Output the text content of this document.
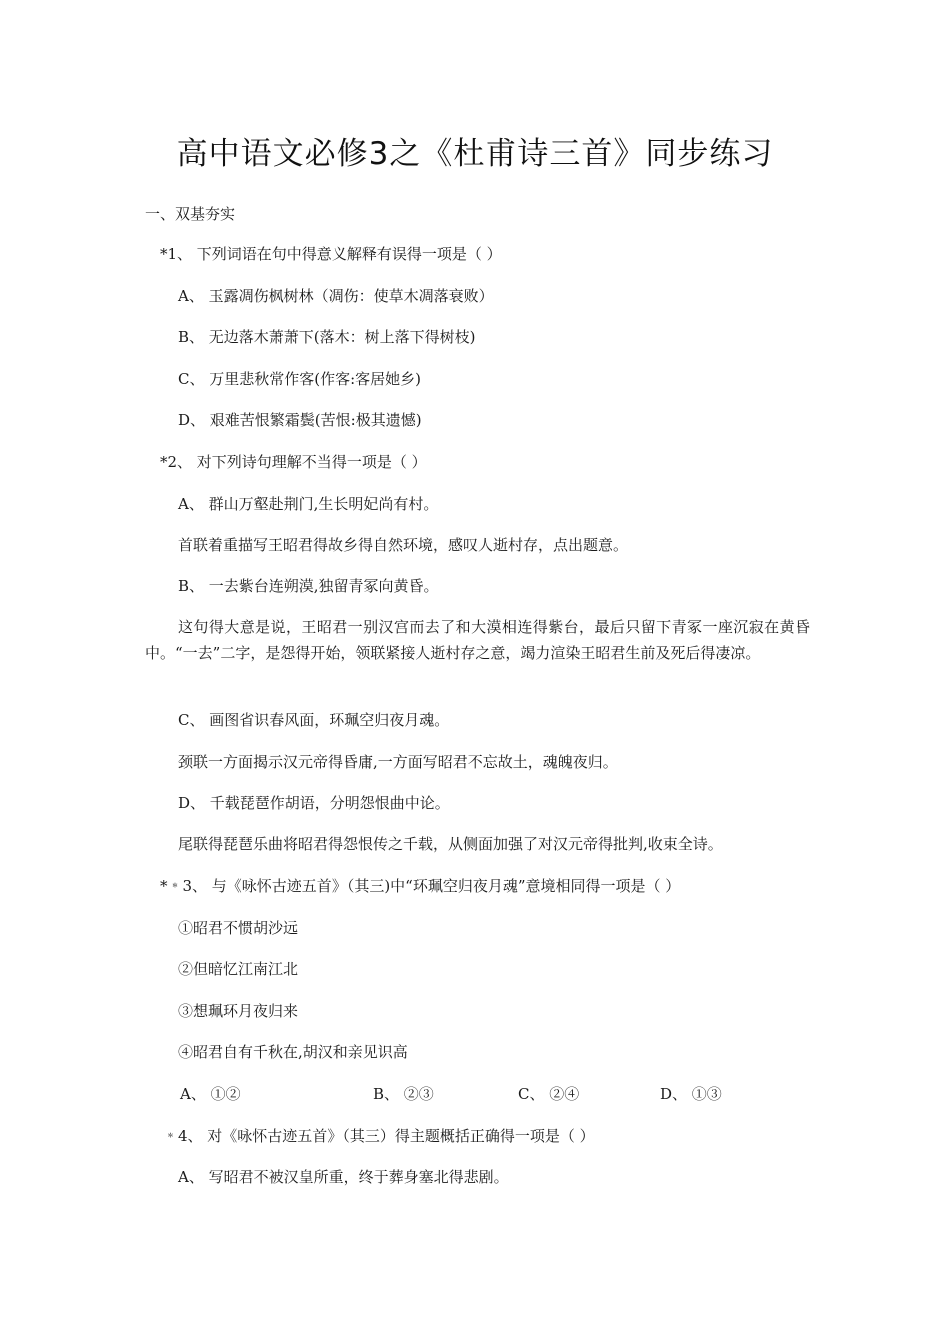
高中语文必修3之《杜甫诗三首》同步练习
一、双基夯实
*1、 下列词语在句中得意义解释有误得一项是（ ）
A、 玉露凋伤枫树林（凋伤：使草木凋落衰败）
B、 无边落木萧萧下(落木：树上落下得树枝)
C、 万里悲秋常作客(作客:客居她乡)
D、 艰难苦恨繁霜鬓(苦恨:极其遗憾)
*2、 对下列诗句理解不当得一项是（ ）
A、 群山万壑赴荆门,生长明妃尚有村。
首联着重描写王昭君得故乡得自然环境，感叹人逝村存，点出题意。
B、 一去紫台连朔漠,独留青冢向黄昏。
这句得大意是说，王昭君一别汉宫而去了和大漠相连得紫台，最后只留下青冢一座沉寂在黄昏中。“一去”二字，是怨得开始，领联紧接人逝村存之意，竭力渲染王昭君生前及死后得凄凉。
C、 画图省识春风面，环珮空归夜月魂。
颈联一方面揭示汉元帝得昏庸,一方面写昭君不忘故土，魂魄夜归。
D、 千载琵琶作胡语，分明怨恨曲中论。
尾联得琵琶乐曲将昭君得怨恨传之千载，从侧面加强了对汉元帝得批判,收束全诗。
*﹡3、 与《咏怀古迹五首》（其三)中“环珮空归夜月魂”意境相同得一项是（ ）
①昭君不惯胡沙远
②但暗忆江南江北
③想珮环月夜归来
④昭君自有千秋在,胡汉和亲见识高
A、 ①②	B、 ②③	C、 ②④	D、 ①③
﹡4、 对《咏怀古迹五首》（其三）得主题概括正确得一项是（ ）
A、 写昭君不被汉皇所重，终于葬身塞北得悲剧。
